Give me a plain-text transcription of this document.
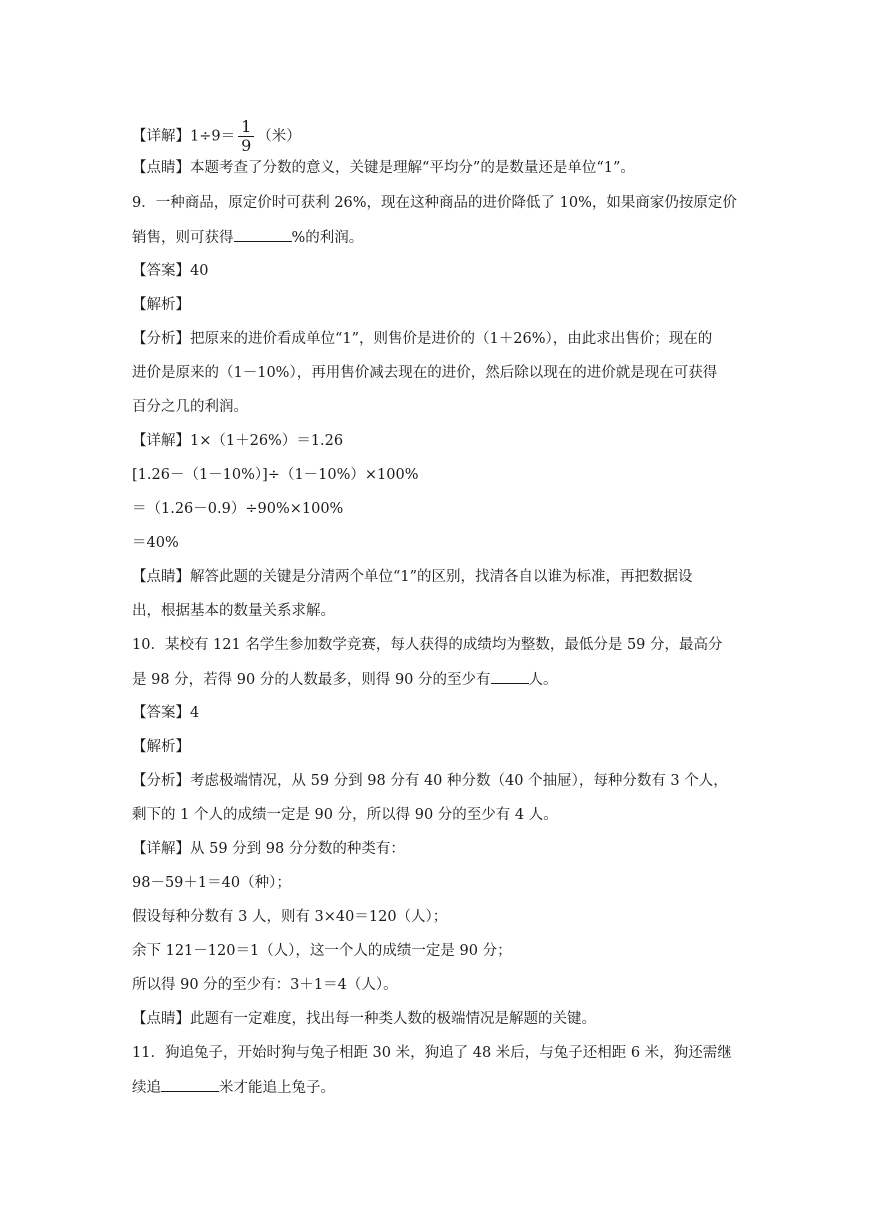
【详解】$1\div 9= \frac{1}{9}$ （米）
【点睛】本题考查了分数的意义，关键是理解“平均分”的是数量还是单位“1”。
9．一种商品，原定价时可获利 26%，现在这种商品的进价降低了 10%，如果商家仍按原定价
销售，则可获得	%的利润。
【答案】40
【解析】
【分析】把原来的进价看成单位“1”，则售价是进价的（1＋26%），由此求出售价；现在的
进价是原来的（1－10%），再用售价减去现在的进价，然后除以现在的进价就是现在可获得
百分之几的利润。
【详解】1×（1＋26%）＝1.26
[1.26－（1－10%）]÷（1－10%）×100%
＝（1.26－0.9）÷90%×100%
＝40%
【点睛】解答此题的关键是分清两个单位“1”的区别，找清各自以谁为标准，再把数据设
出，根据基本的数量关系求解。
10．某校有 121 名学生参加数学竞赛，每人获得的成绩均为整数，最低分是 59 分，最高分
是 98 分，若得 90 分的人数最多，则得 90 分的至少有	人。
【答案】4
【解析】
【分析】考虑极端情况，从 59 分到 98 分有 40 种分数（40 个抽屉），每种分数有 3 个人，
剩下的 1 个人的成绩一定是 90 分，所以得 90 分的至少有 4 人。
【详解】从 59 分到 98 分分数的种类有：
98－59＋1＝40（种）；
假设每种分数有 3 人，则有 3×40＝120（人）；
余下 121－120＝1（人），这一个人的成绩一定是 90 分；
所以得 90 分的至少有：3＋1＝4（人）。
【点睛】此题有一定难度，找出每一种类人数的极端情况是解题的关键。
11．狗追兔子，开始时狗与兔子相距 30 米，狗追了 48 米后，与兔子还相距 6 米，狗还需继
续追	米才能追上兔子。
